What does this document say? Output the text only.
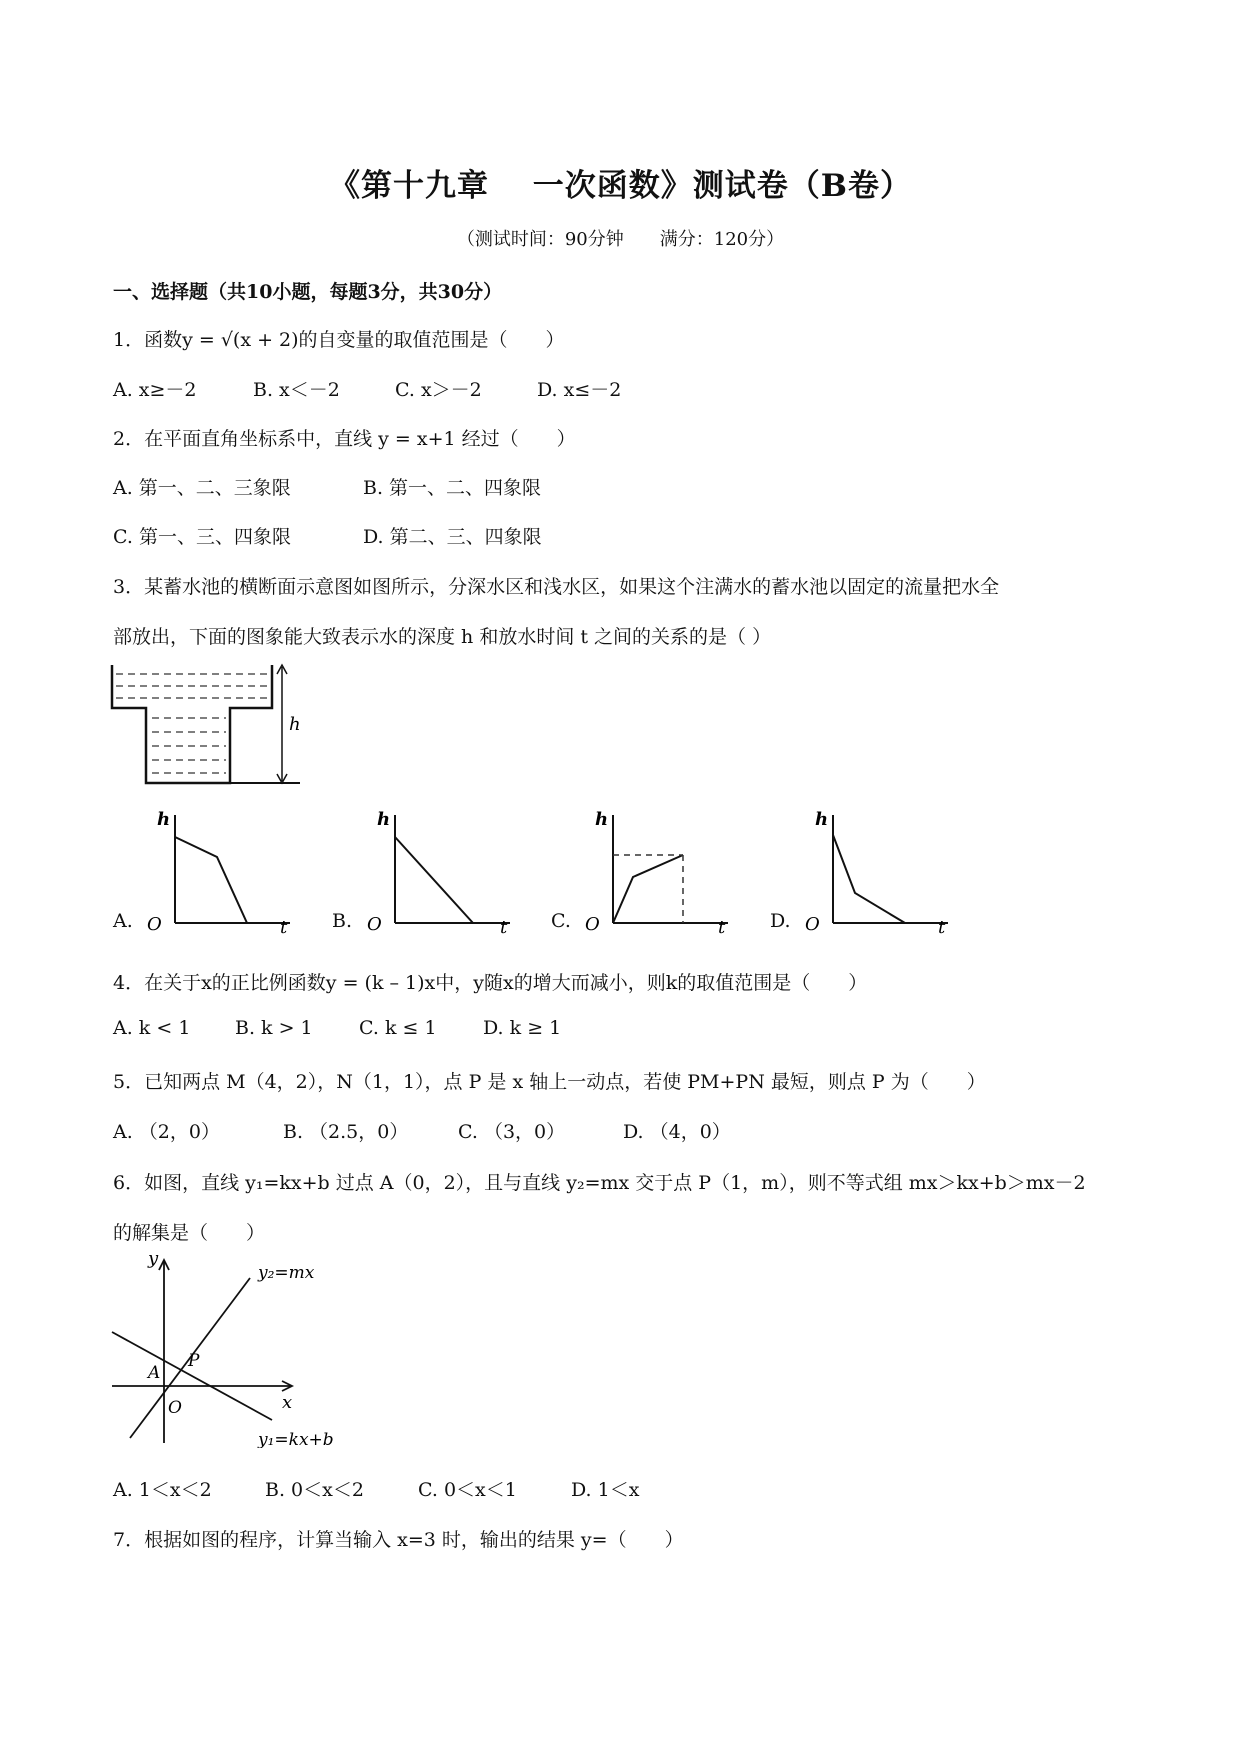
《第十九章　 一次函数》测试卷（B卷）
（测试时间：90分钟　　满分：120分）
一、选择题（共10小题，每题3分，共30分）
1．函数y = √(x + 2)的自变量的取值范围是（　　）
A. x≥－2	B. x＜－2	C. x＞－2	D. x≤－2
2．在平面直角坐标系中，直线 y = x+1 经过（　　）
A. 第一、二、三象限	B. 第一、二、四象限
C. 第一、三、四象限	D. 第二、三、四象限
3．某蓄水池的横断面示意图如图所示，分深水区和浅水区，如果这个注满水的蓄水池以固定的流量把水全
部放出，下面的图象能大致表示水的深度 h 和放水时间 t 之间的关系的是（ ）
h
A.
h
O	t B.
h
O	t C.
h
O	t D.
h
O	t
4．在关于x的正比例函数y = (k – 1)x中，y随x的增大而减小，则k的取值范围是（　　）
A. k < 1 B. k > 1 C. k ≤ 1 D. k ≥ 1
5．已知两点 M（4，2），N（1，1），点 P 是 x 轴上一动点，若使 PM+PN 最短，则点 P 为（　　）
A. （2，0）	B. （2.5，0）	C. （3，0）	D. （4，0）
6．如图，直线 y₁=kx+b 过点 A（0，2），且与直线 y₂=mx 交于点 P（1，m），则不等式组 mx＞kx+b＞mx－2
的解集是（　　）
y
x
O
A
P
y₂=mx
y₁=kx+b
A. 1＜x＜2	B. 0＜x＜2	C. 0＜x＜1	D. 1＜x
7．根据如图的程序，计算当输入 x=3 时，输出的结果 y=（　　）
